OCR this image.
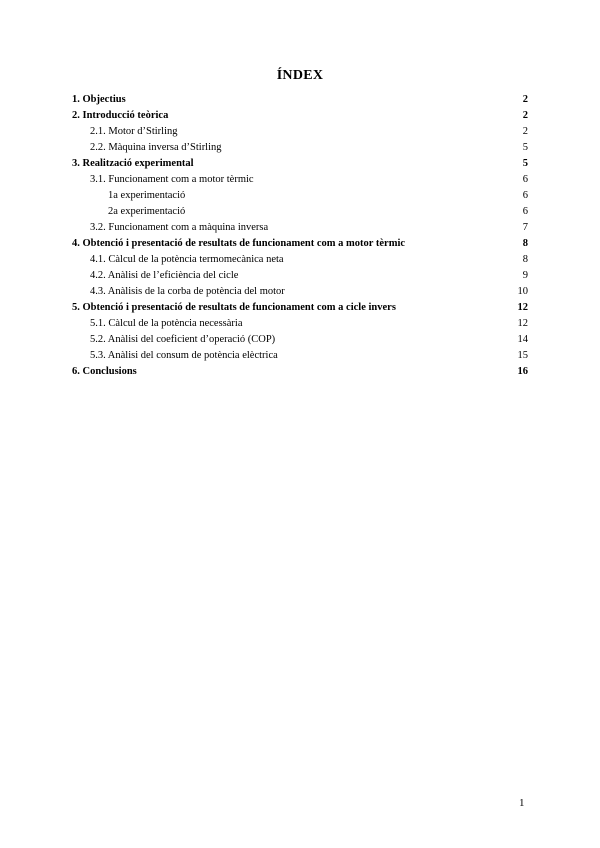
ÍNDEX
1. Objectius	2
2. Introducció teòrica	2
2.1. Motor d’Stirling	2
2.2. Màquina inversa d’Stirling	5
3. Realització experimental	5
3.1. Funcionament com a motor tèrmic	6
1a experimentació	6
2a experimentació	6
3.2. Funcionament com a màquina inversa	7
4. Obtenció i presentació de resultats de funcionament com a motor tèrmic	8
4.1. Càlcul de la potència termomecànica neta	8
4.2. Anàlisi de l’eficiència del cicle	9
4.3. Anàlisis de la corba de potència del motor	10
5. Obtenció i presentació de resultats de funcionament com a cicle invers	12
5.1. Càlcul de la potència necessària	12
5.2. Anàlisi del coeficient d’operació (COP)	14
5.3. Anàlisi del consum de potència elèctrica	15
6. Conclusions	16
1
